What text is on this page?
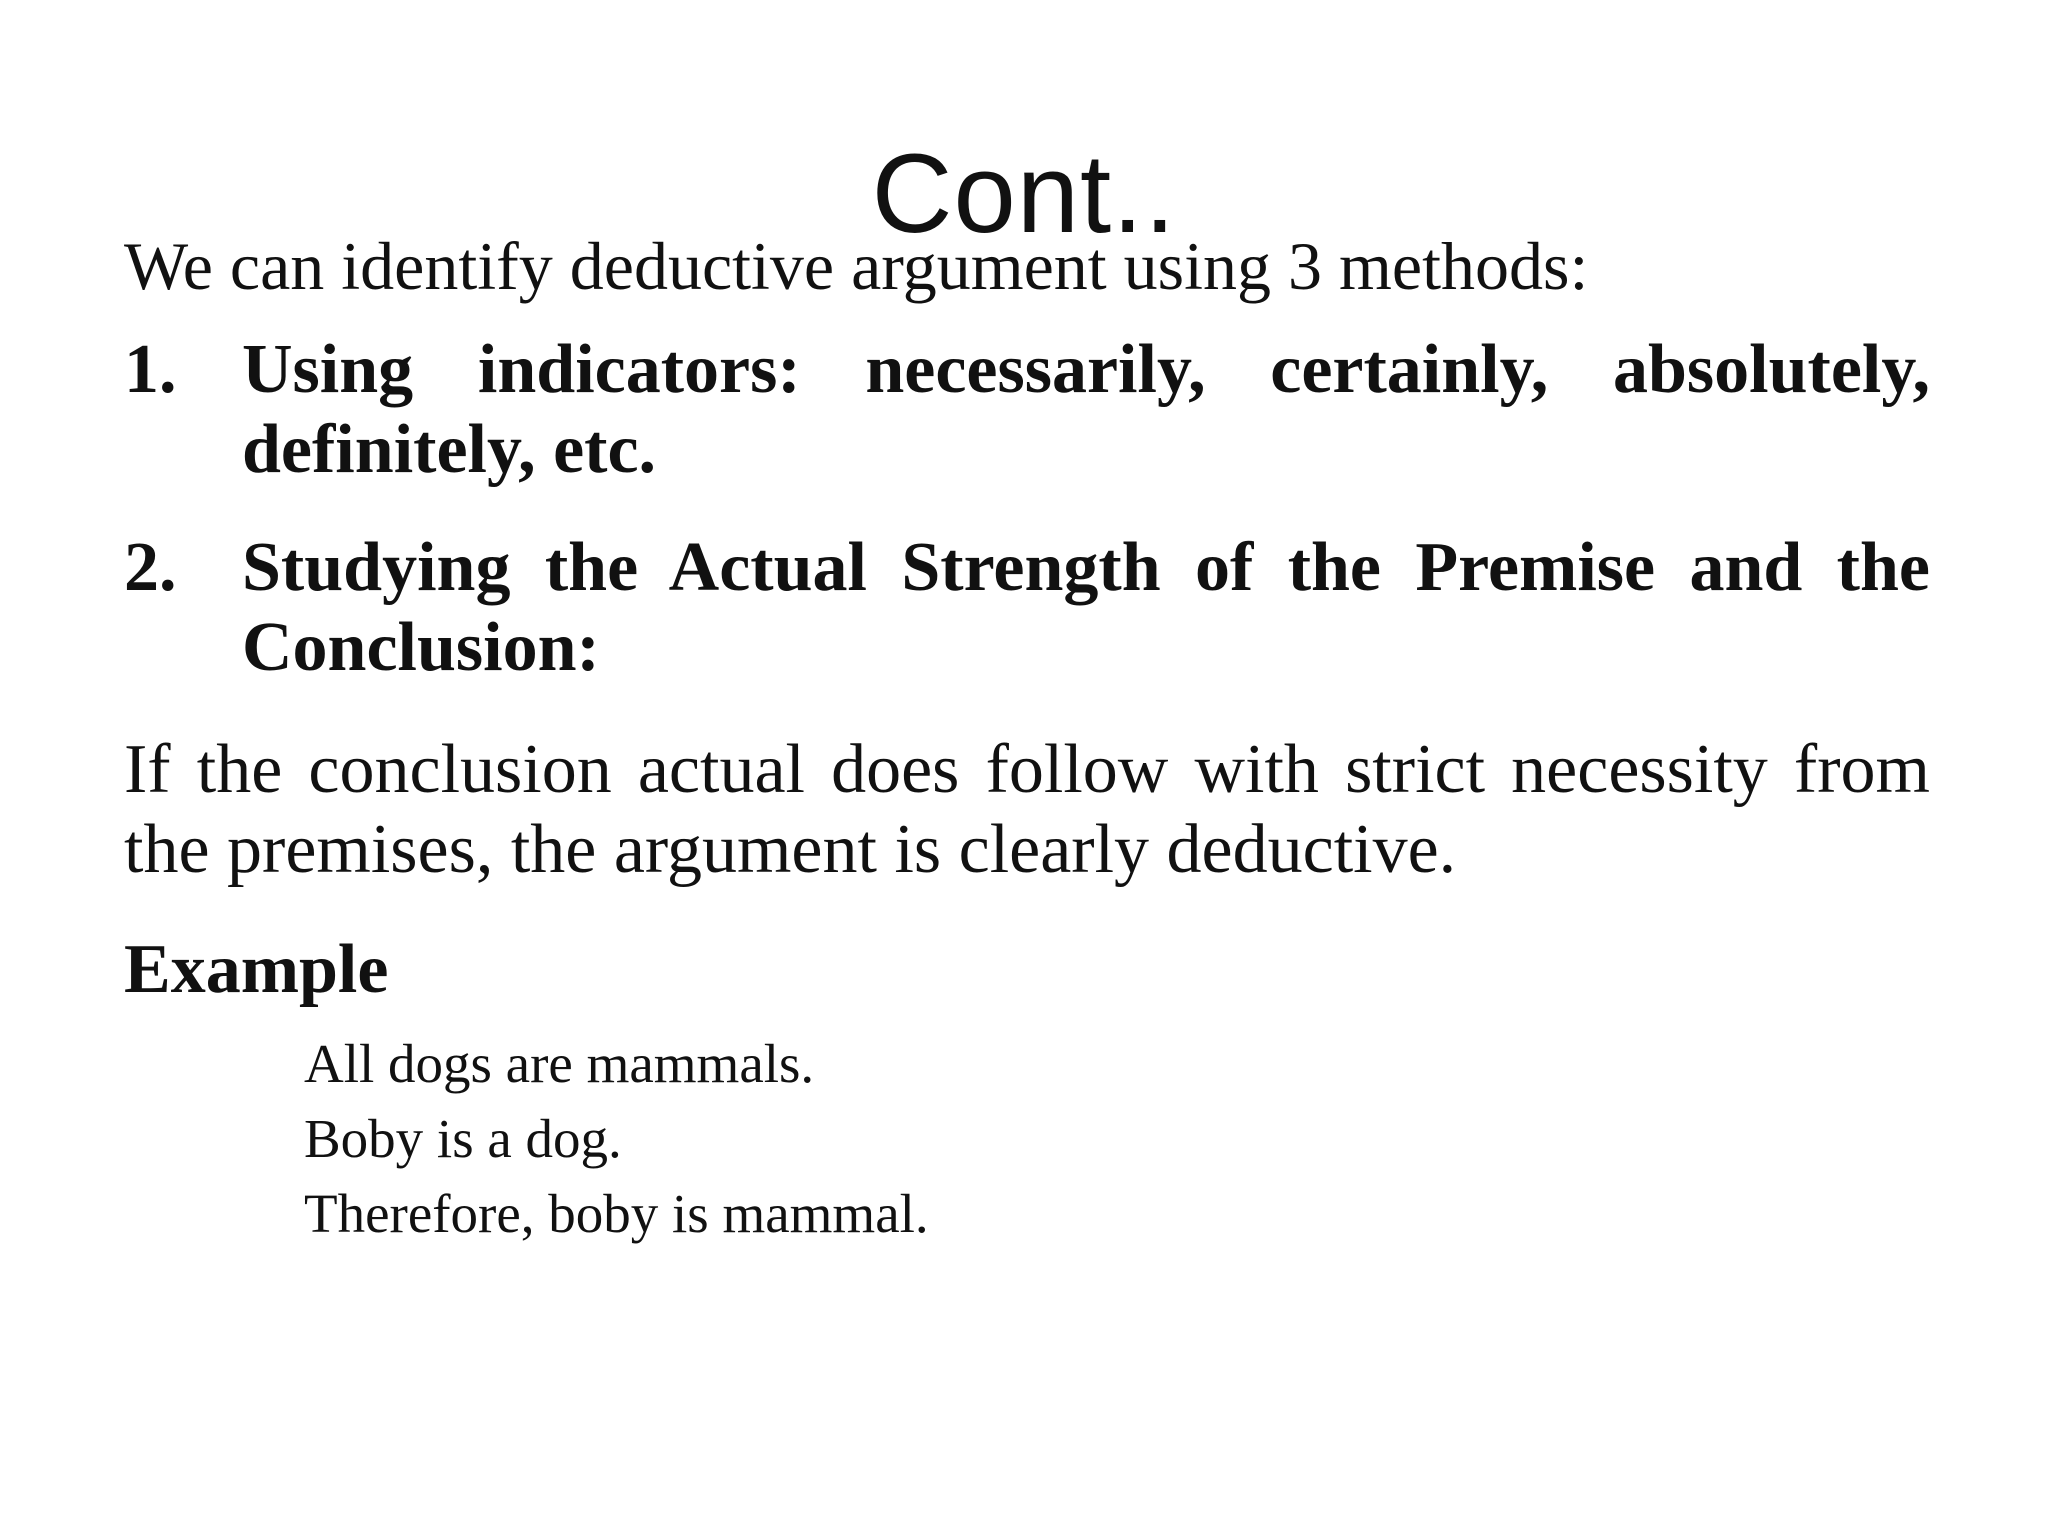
Cont..

We can identify deductive argument using 3 methods:

1. Using indicators: necessarily, certainly, absolutely, definitely, etc.
2. Studying the Actual Strength of the Premise and the Conclusion:

If the conclusion actual does follow with strict necessity from the premises, the argument is clearly deductive.

Example

All dogs are mammals.

Boby is a dog.

Therefore, boby is mammal.
